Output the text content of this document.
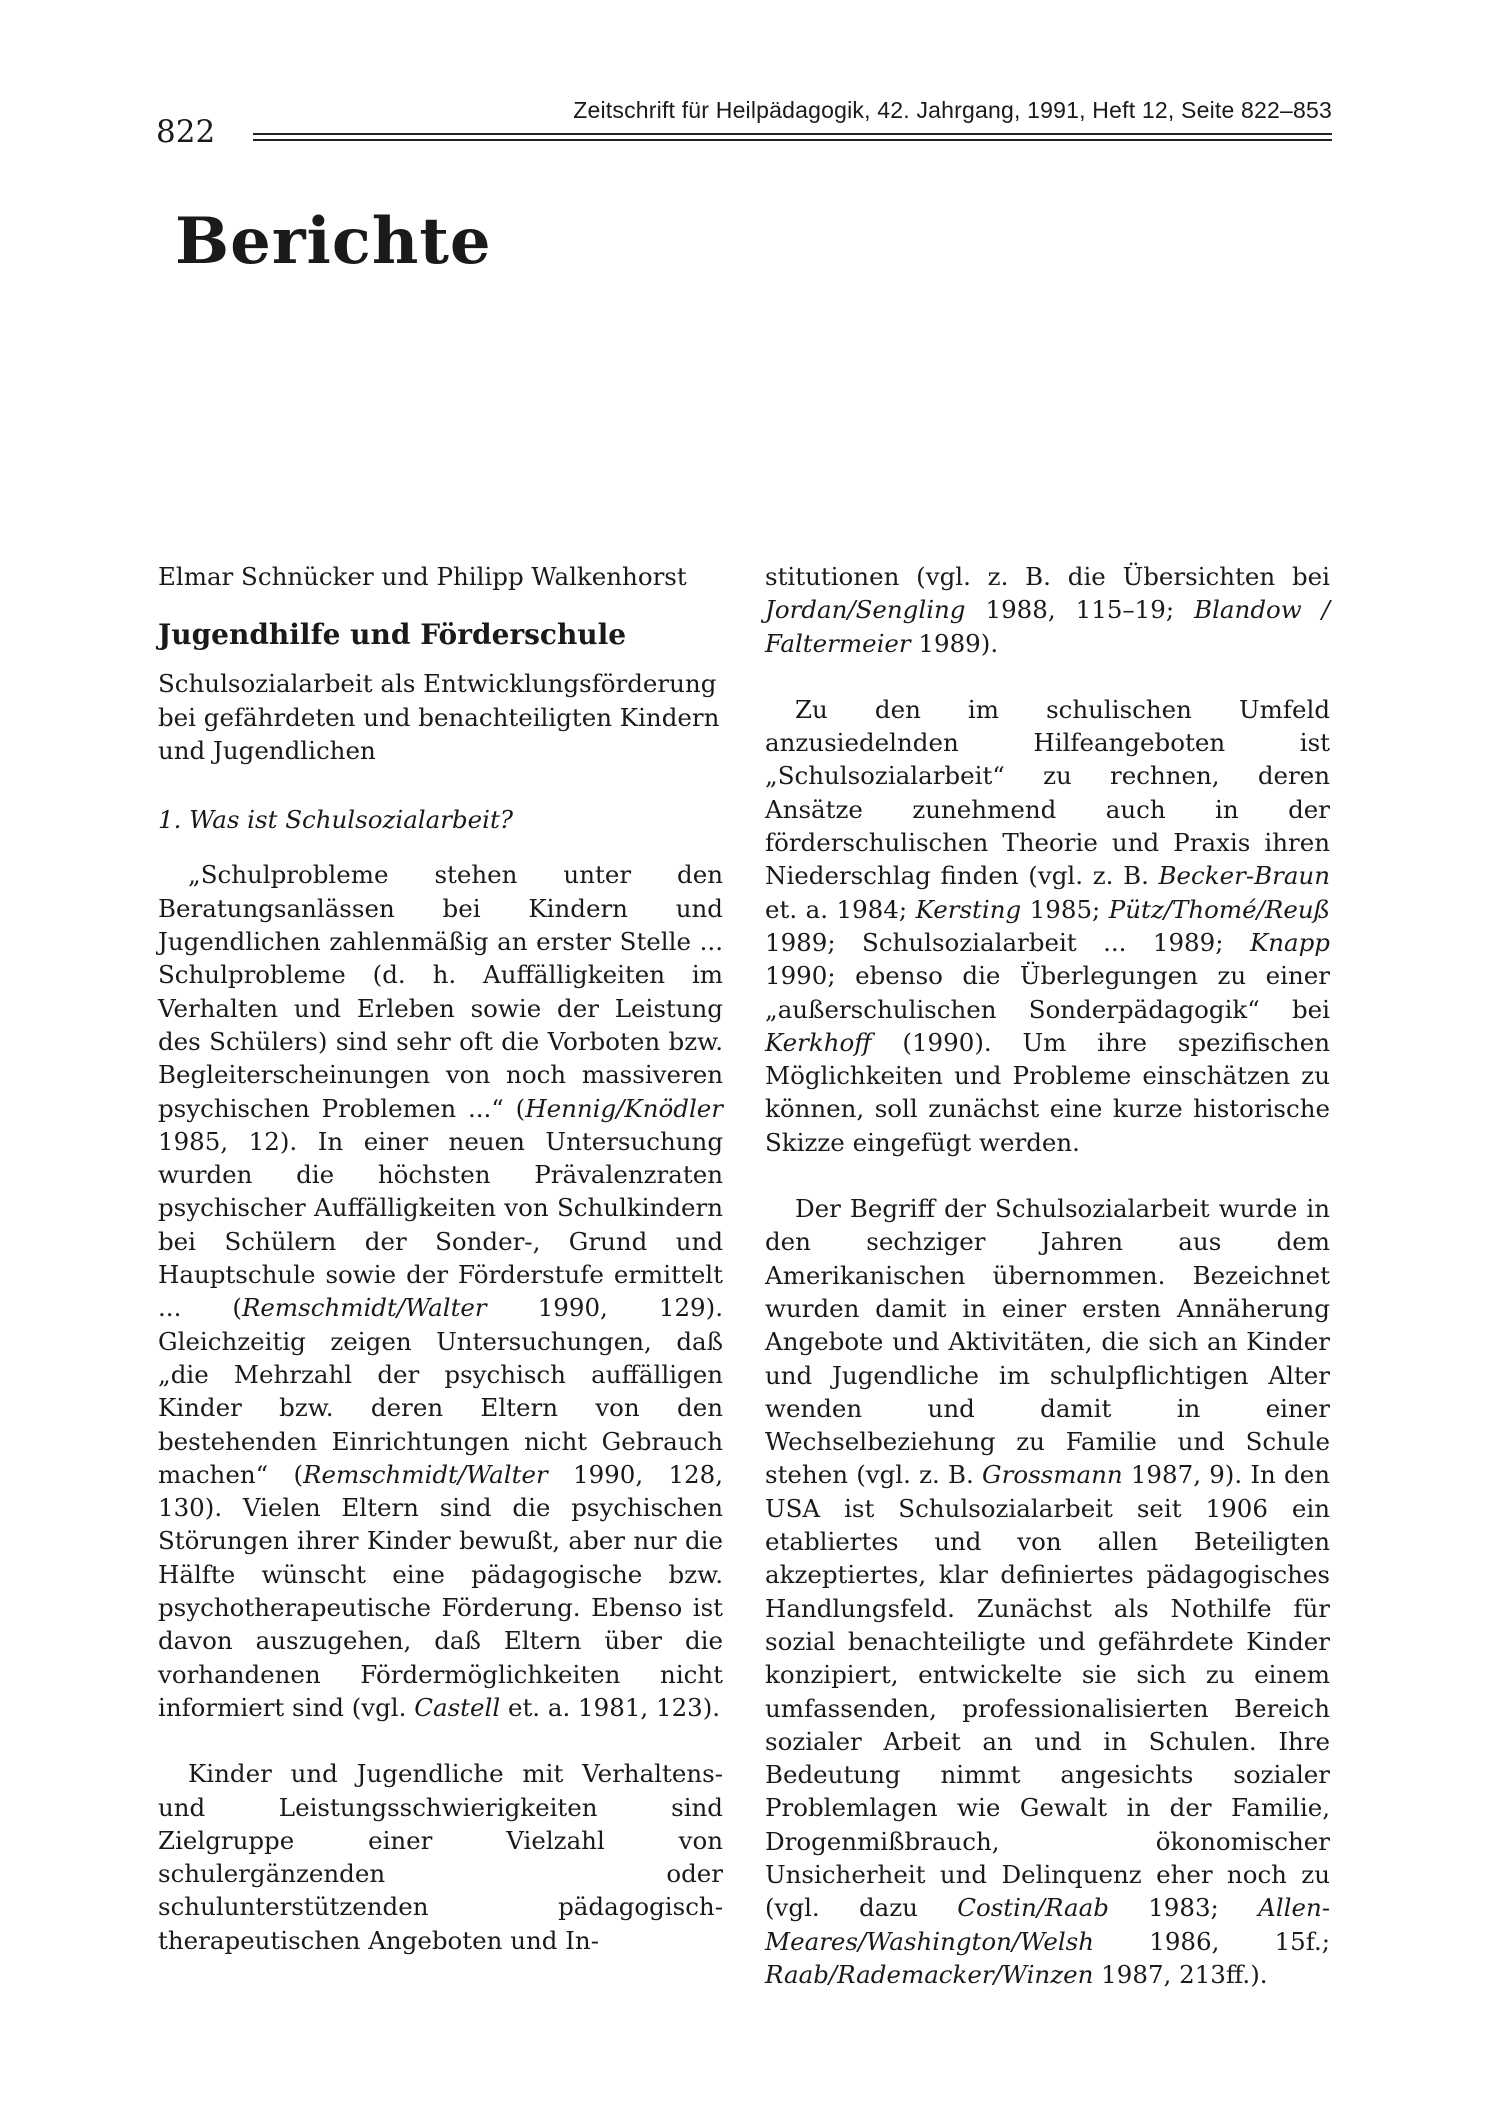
822
Zeitschrift für Heilpädagogik, 42. Jahrgang, 1991, Heft 12, Seite 822–853
Berichte
Elmar Schnücker und Philipp Walkenhorst
Jugendhilfe und Förderschule

Schulsozialarbeit als Entwicklungsförderung bei gefährdeten und benachteiligten Kindern und Jugendlichen

1. Was ist Schulsozialarbeit?

„Schulprobleme stehen unter den Beratungsanlässen bei Kindern und Jugendlichen zahlenmäßig an erster Stelle ... Schulprobleme (d. h. Auffälligkeiten im Verhalten und Erleben sowie der Leistung des Schülers) sind sehr oft die Vorboten bzw. Begleiterscheinungen von noch massiveren psychischen Problemen ...“ (Hennig/Knödler 1985, 12). In einer neuen Untersuchung wurden die höchsten Prävalenzraten psychischer Auffälligkeiten von Schulkindern bei Schülern der Sonder-, Grund und Hauptschule sowie der Förderstufe ermittelt ... (Remschmidt/Walter 1990, 129). Gleichzeitig zeigen Untersuchungen, daß „die Mehrzahl der psychisch auffälligen Kinder bzw. deren Eltern von den bestehenden Einrichtungen nicht Gebrauch machen“ (Remschmidt/Walter 1990, 128, 130). Vielen Eltern sind die psychischen Störungen ihrer Kinder bewußt, aber nur die Hälfte wünscht eine pädagogische bzw. psychotherapeutische Förderung. Ebenso ist davon auszugehen, daß Eltern über die vorhandenen Fördermöglichkeiten nicht informiert sind (vgl. Castell et. a. 1981, 123).

Kinder und Jugendliche mit Verhaltens- und Leistungsschwierigkeiten sind Zielgruppe einer Vielzahl von schulergänzenden oder schulunterstützenden pädagogisch-therapeutischen Angeboten und In-

stitutionen (vgl. z. B. die Übersichten bei Jordan/Sengling 1988, 115–19; Blandow / Faltermeier 1989).

Zu den im schulischen Umfeld anzusiedelnden Hilfeangeboten ist „Schulsozialarbeit“ zu rechnen, deren Ansätze zunehmend auch in der förderschulischen Theorie und Praxis ihren Niederschlag finden (vgl. z. B. Becker-Braun et. a. 1984; Kersting 1985; Pütz/Thomé/Reuß 1989; Schulsozialarbeit ... 1989; Knapp 1990; ebenso die Überlegungen zu einer „außerschulischen Sonderpädagogik“ bei Kerkhoff (1990). Um ihre spezifischen Möglichkeiten und Probleme einschätzen zu können, soll zunächst eine kurze historische Skizze eingefügt werden.

Der Begriff der Schulsozialarbeit wurde in den sechziger Jahren aus dem Amerikanischen übernommen. Bezeichnet wurden damit in einer ersten Annäherung Angebote und Aktivitäten, die sich an Kinder und Jugendliche im schulpflichtigen Alter wenden und damit in einer Wechselbeziehung zu Familie und Schule stehen (vgl. z. B. Grossmann 1987, 9). In den USA ist Schulsozialarbeit seit 1906 ein etabliertes und von allen Beteiligten akzeptiertes, klar definiertes pädagogisches Handlungsfeld. Zunächst als Nothilfe für sozial benachteiligte und gefährdete Kinder konzipiert, entwickelte sie sich zu einem umfassenden, professionalisierten Bereich sozialer Arbeit an und in Schulen. Ihre Bedeutung nimmt angesichts sozialer Problemlagen wie Gewalt in der Familie, Drogenmißbrauch, ökonomischer Unsicherheit und Delinquenz eher noch zu (vgl. dazu Costin/Raab 1983; Allen-Meares/Washington/Welsh 1986, 15f.; Raab/Rademacker/Winzen 1987, 213ff.).
